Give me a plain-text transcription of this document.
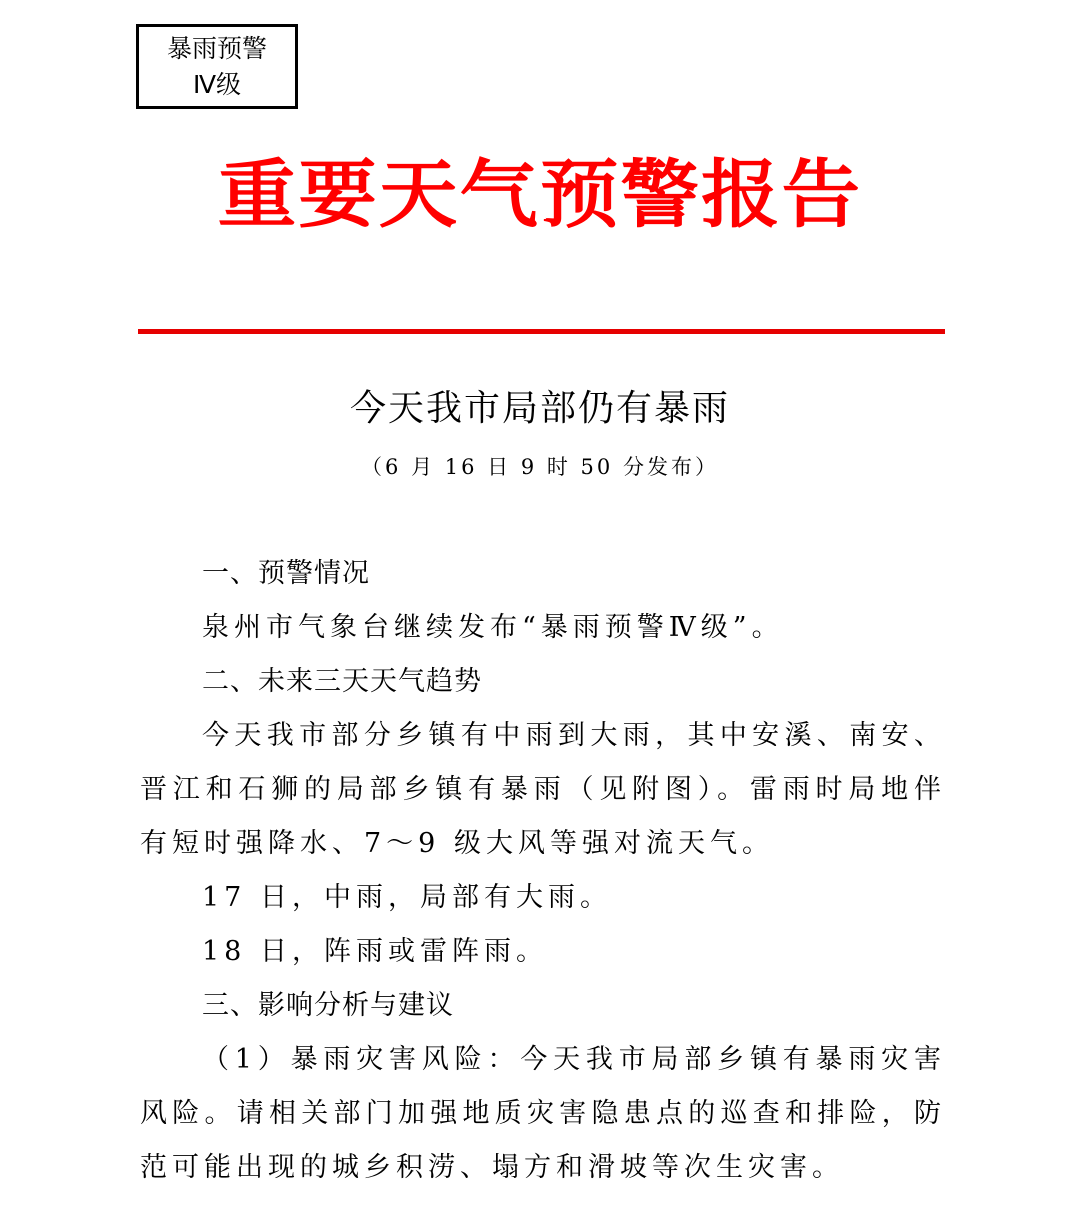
暴雨预警
Ⅳ级
重要天气预警报告
今天我市局部仍有暴雨
（6 月 16 日 9 时 50 分发布）

一、预警情况

泉州市气象台继续发布“暴雨预警Ⅳ级”。

二、未来三天天气趋势

今天我市部分乡镇有中雨到大雨，其中安溪、南安、晋江和石狮的局部乡镇有暴雨（见附图）。雷雨时局地伴有短时强降水、7～9 级大风等强对流天气。

17 日，中雨，局部有大雨。

18 日，阵雨或雷阵雨。

三、影响分析与建议

（1）暴雨灾害风险：今天我市局部乡镇有暴雨灾害风险。请相关部门加强地质灾害隐患点的巡查和排险，防范可能出现的城乡积涝、塌方和滑坡等次生灾害。
